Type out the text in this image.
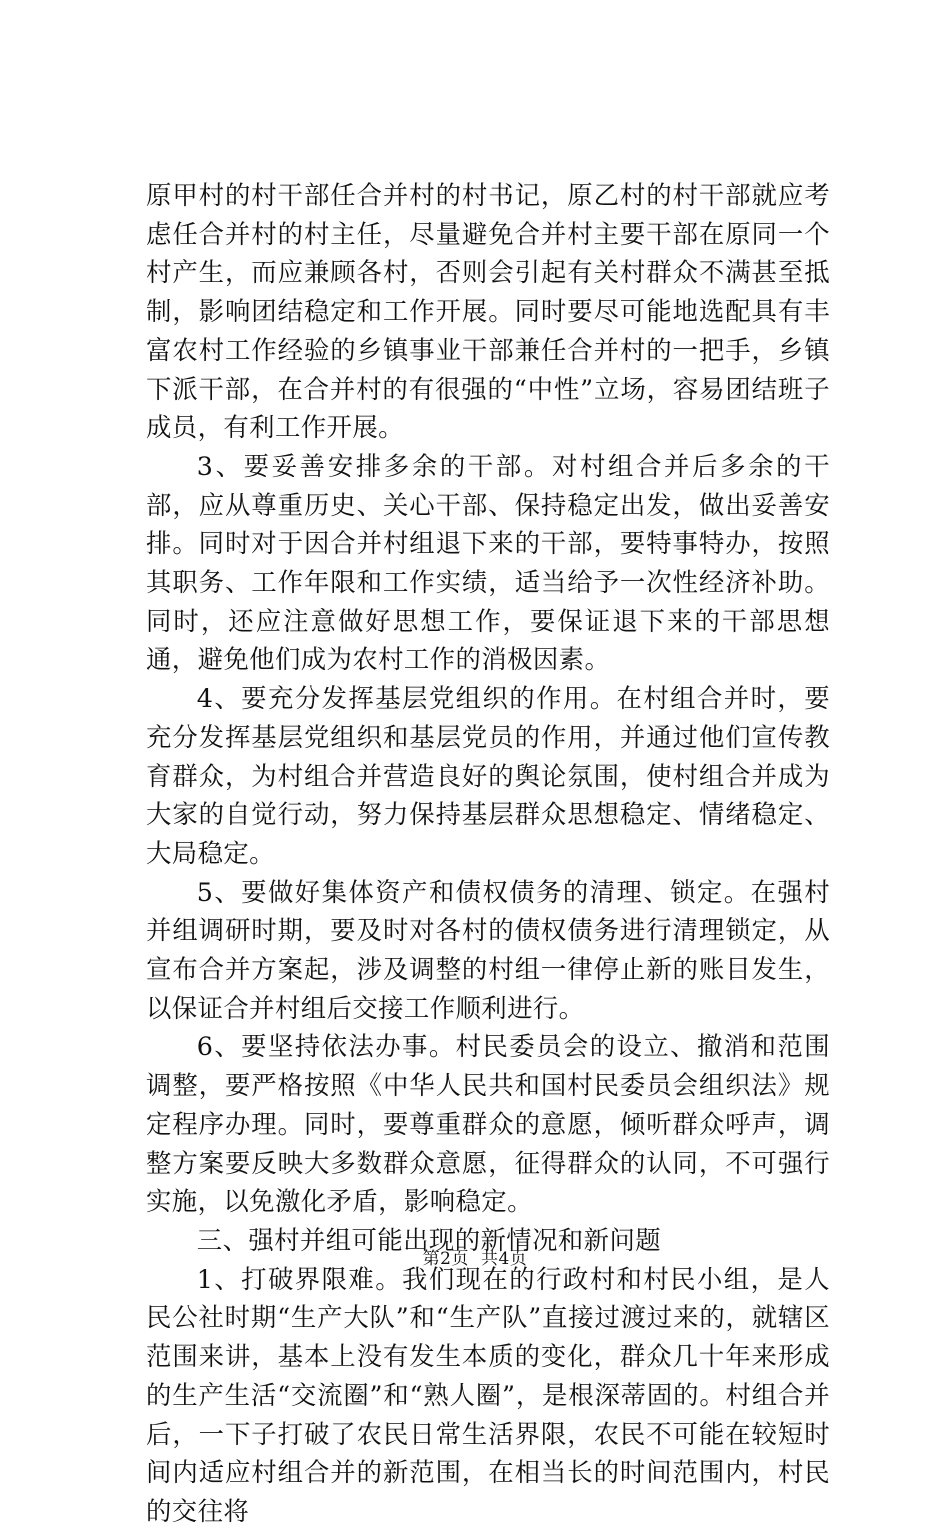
原甲村的村干部任合并村的村书记，原乙村的村干部就应考虑任合并村的村主任，尽量避免合并村主要干部在原同一个村产生，而应兼顾各村，否则会引起有关村群众不满甚至抵制，影响团结稳定和工作开展。同时要尽可能地选配具有丰富农村工作经验的乡镇事业干部兼任合并村的一把手，乡镇下派干部，在合并村的有很强的“中性”立场，容易团结班子成员，有利工作开展。

3、要妥善安排多余的干部。对村组合并后多余的干部，应从尊重历史、关心干部、保持稳定出发，做出妥善安排。同时对于因合并村组退下来的干部，要特事特办，按照其职务、工作年限和工作实绩，适当给予一次性经济补助。同时，还应注意做好思想工作，要保证退下来的干部思想通，避免他们成为农村工作的消极因素。

4、要充分发挥基层党组织的作用。在村组合并时，要充分发挥基层党组织和基层党员的作用，并通过他们宣传教育群众，为村组合并营造良好的舆论氛围，使村组合并成为大家的自觉行动，努力保持基层群众思想稳定、情绪稳定、大局稳定。

5、要做好集体资产和债权债务的清理、锁定。在强村并组调研时期，要及时对各村的债权债务进行清理锁定，从宣布合并方案起，涉及调整的村组一律停止新的账目发生，以保证合并村组后交接工作顺利进行。

6、要坚持依法办事。村民委员会的设立、撤消和范围调整，要严格按照《中华人民共和国村民委员会组织法》规定程序办理。同时，要尊重群众的意愿，倾听群众呼声，调整方案要反映大多数群众意愿，征得群众的认同，不可强行实施，以免激化矛盾，影响稳定。

三、强村并组可能出现的新情况和新问题

1、打破界限难。我们现在的行政村和村民小组，是人民公社时期“生产大队”和“生产队”直接过渡过来的，就辖区范围来讲，基本上没有发生本质的变化，群众几十年来形成的生产生活“交流圈”和“熟人圈”，是根深蒂固的。村组合并后，一下子打破了农民日常生活界限，农民不可能在较短时间内适应村组合并的新范围，在相当长的时间范围内，村民的交往将

第2页 共4页
